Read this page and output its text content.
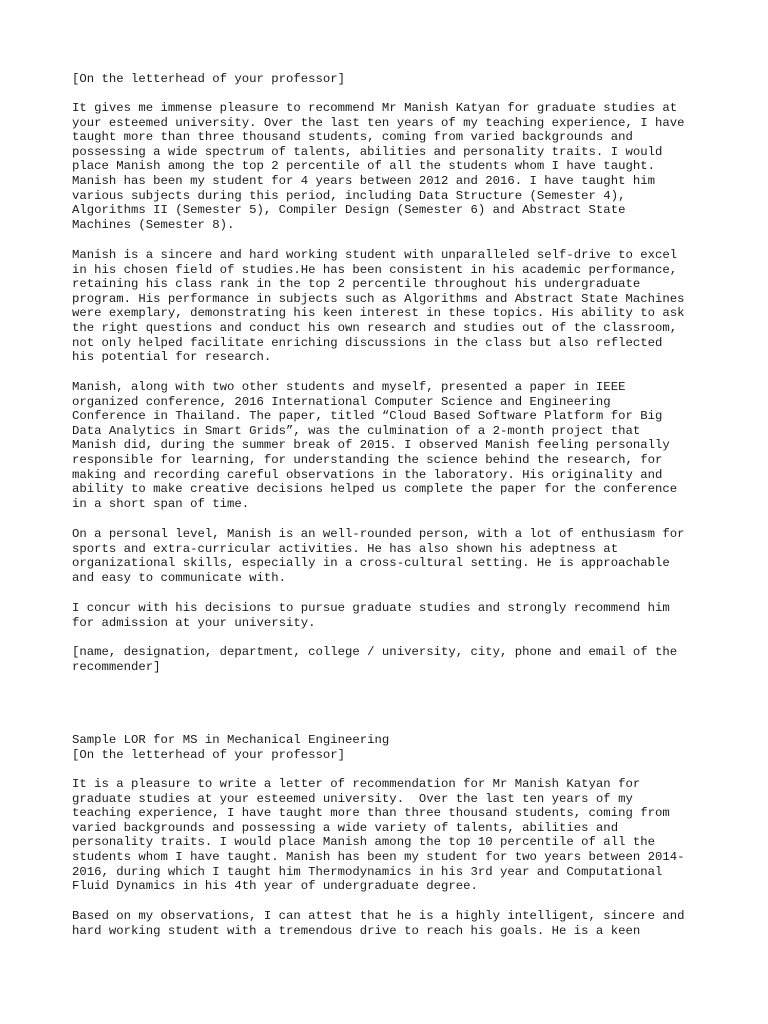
[On the letterhead of your professor]

It gives me immense pleasure to recommend Mr Manish Katyan for graduate studies at
your esteemed university. Over the last ten years of my teaching experience, I have
taught more than three thousand students, coming from varied backgrounds and
possessing a wide spectrum of talents, abilities and personality traits. I would
place Manish among the top 2 percentile of all the students whom I have taught.
Manish has been my student for 4 years between 2012 and 2016. I have taught him
various subjects during this period, including Data Structure (Semester 4),
Algorithms II (Semester 5), Compiler Design (Semester 6) and Abstract State
Machines (Semester 8).
Manish is a sincere and hard working student with unparalleled self-drive to excel
in his chosen field of studies.He has been consistent in his academic performance,
retaining his class rank in the top 2 percentile throughout his undergraduate
program. His performance in subjects such as Algorithms and Abstract State Machines
were exemplary, demonstrating his keen interest in these topics. His ability to ask
the right questions and conduct his own research and studies out of the classroom,
not only helped facilitate enriching discussions in the class but also reflected
his potential for research.
Manish, along with two other students and myself, presented a paper in IEEE
organized conference, 2016 International Computer Science and Engineering
Conference in Thailand. The paper, titled “Cloud Based Software Platform for Big
Data Analytics in Smart Grids”, was the culmination of a 2-month project that
Manish did, during the summer break of 2015. I observed Manish feeling personally
responsible for learning, for understanding the science behind the research, for
making and recording careful observations in the laboratory. His originality and
ability to make creative decisions helped us complete the paper for the conference
in a short span of time.
On a personal level, Manish is an well-rounded person, with a lot of enthusiasm for
sports and extra-curricular activities. He has also shown his adeptness at
organizational skills, especially in a cross-cultural setting. He is approachable
and easy to communicate with.
I concur with his decisions to pursue graduate studies and strongly recommend him
for admission at your university.
[name, designation, department, college / university, city, phone and email of the
recommender]

Sample LOR for MS in Mechanical Engineering

[On the letterhead of your professor]

It is a pleasure to write a letter of recommendation for Mr Manish Katyan for
graduate studies at your esteemed university.  Over the last ten years of my
teaching experience, I have taught more than three thousand students, coming from
varied backgrounds and possessing a wide variety of talents, abilities and
personality traits. I would place Manish among the top 10 percentile of all the
students whom I have taught. Manish has been my student for two years between 2014-
2016, during which I taught him Thermodynamics in his 3rd year and Computational
Fluid Dynamics in his 4th year of undergraduate degree.
Based on my observations, I can attest that he is a highly intelligent, sincere and
hard working student with a tremendous drive to reach his goals. He is a keen
